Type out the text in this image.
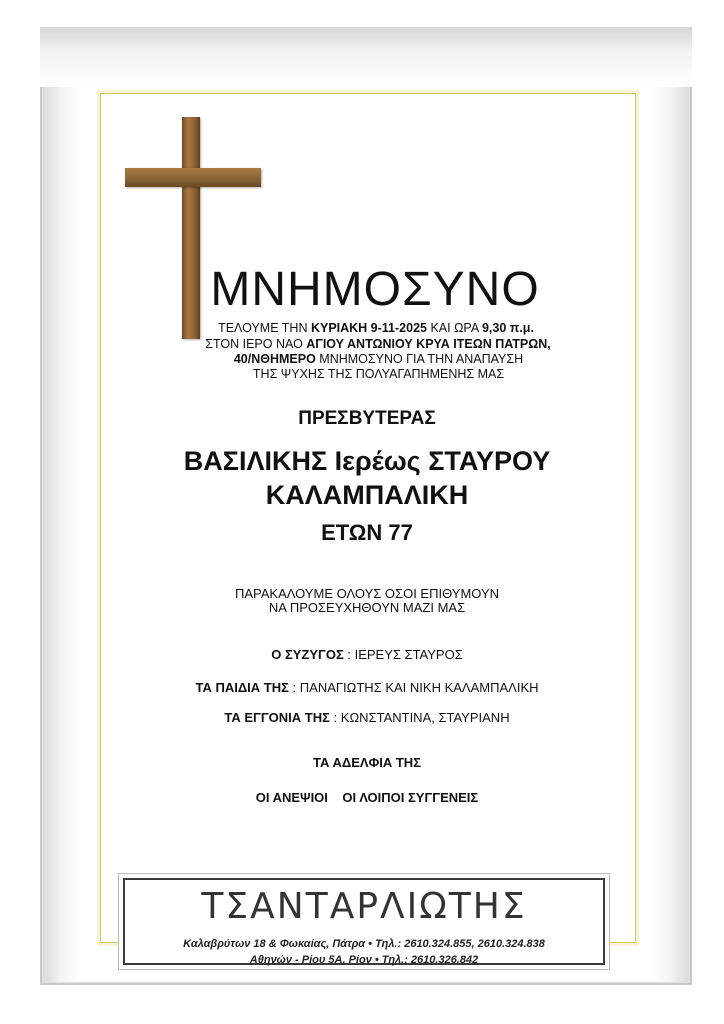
ΜΝΗΜΟΣΥΝΟ
ΤΕΛΟΥΜΕ ΤΗΝ ΚΥΡΙΑΚΗ 9-11-2025 ΚΑΙ ΩΡΑ 9,30 π.μ.
ΣΤΟΝ ΙΕΡΟ ΝΑΟ ΑΓΙΟΥ ΑΝΤΩΝΙΟΥ ΚΡΥΑ ΙΤΕΩΝ ΠΑΤΡΩΝ,
40/ΝΘΗΜΕΡΟ ΜΝΗΜΟΣΥΝΟ ΓΙΑ ΤΗΝ ΑΝΑΠΑΥΣΗ
ΤΗΣ ΨΥΧΗΣ ΤΗΣ ΠΟΛΥΑΓΑΠΗΜΕΝΗΣ ΜΑΣ
ΠΡΕΣΒΥΤΕΡΑΣ
ΒΑΣΙΛΙΚΗΣ Ιερέως ΣΤΑΥΡΟΥ
ΚΑΛΑΜΠΑΛΙΚΗ
ΕΤΩΝ 77
ΠΑΡΑΚΑΛΟΥΜΕ ΟΛΟΥΣ ΟΣΟΙ ΕΠΙΘΥΜΟΥΝ
ΝΑ ΠΡΟΣΕΥΧΗΘΟΥΝ ΜΑΖΙ ΜΑΣ
Ο ΣΥΖΥΓΟΣ : ΙΕΡΕΥΣ ΣΤΑΥΡΟΣ
ΤΑ ΠΑΙΔΙΑ ΤΗΣ : ΠΑΝΑΓΙΩΤΗΣ ΚΑΙ ΝΙΚΗ ΚΑΛΑΜΠΑΛΙΚΗ
ΤΑ ΕΓΓΟΝΙΑ ΤΗΣ : ΚΩΝΣΤΑΝΤΙΝΑ, ΣΤΑΥΡΙΑΝΗ
ΤΑ ΑΔΕΛΦΙΑ ΤΗΣ
ΟΙ ΑΝΕΨΙΟΙ ΟΙ ΛΟΙΠΟΙ ΣΥΓΓΕΝΕΙΣ
ΤΣΑΝΤΑΡΛΙΩΤΗΣ
Καλαβρύτων 18 & Φωκαίας, Πάτρα • Τηλ.: 2610.324.855, 2610.324.838
Αθηνών - Ρίου 5Α, Ρίον • Τηλ.: 2610.326.842
